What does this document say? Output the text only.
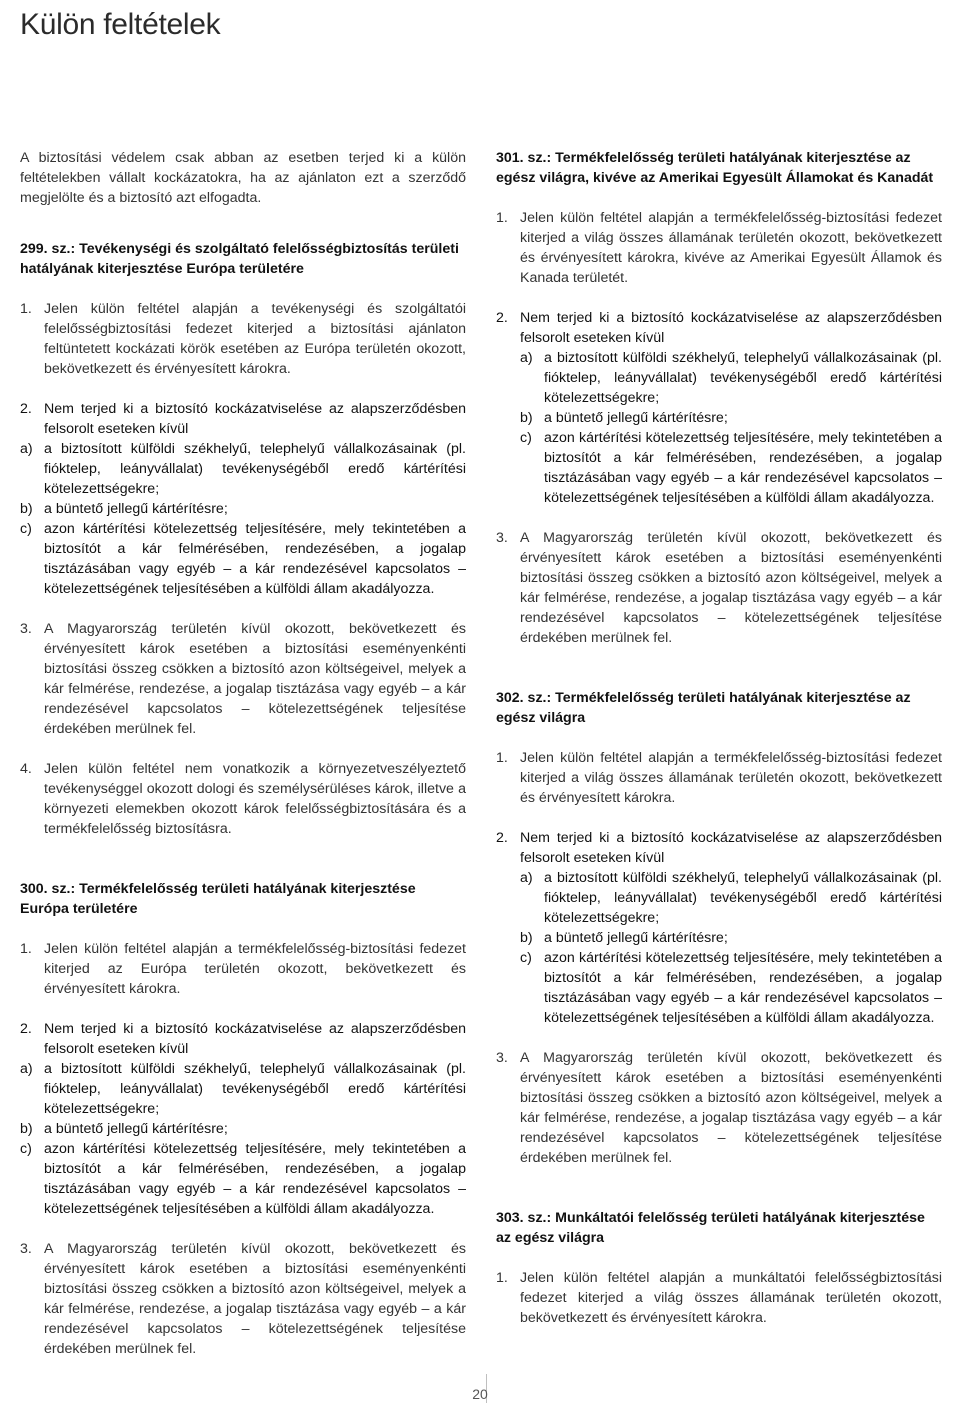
Külön feltételek

A biztosítási védelem csak abban az esetben terjed ki a külön feltételekben vállalt kockázatokra, ha az ajánlaton ezt a szerződő megjelölte és a biztosító azt elfogadta.

299. sz.: Tevékenységi és szolgáltató felelősségbiztosítás területi hatályának kiterjesztése Európa területére

1. Jelen külön feltétel alapján a tevékenységi és szolgáltatói felelősségbiztosítási fedezet kiterjed a biztosítási ajánlaton feltüntetett kockázati körök esetében az Európa területén okozott, bekövetkezett és érvényesített károkra.
2. Nem terjed ki a biztosító kockázatviselése az alapszerződésben felsorolt eseteken kívül
a) a biztosított külföldi székhelyű, telephelyű vállalkozásainak (pl. fióktelep, leányvállalat) tevékenységéből eredő kártérítési kötelezettségekre;
b) a büntető jellegű kártérítésre;
c) azon kártérítési kötelezettség teljesítésére, mely tekintetében a biztosítót a kár felmérésében, rendezésében, a jogalap tisztázásában vagy egyéb – a kár rendezésével kapcsolatos – kötelezettségének teljesítésében a külföldi állam akadályozza.
3. A Magyarország területén kívül okozott, bekövetkezett és érvényesített károk esetében a biztosítási eseményenkénti biztosítási összeg csökken a biztosító azon költségeivel, melyek a kár felmérése, rendezése, a jogalap tisztázása vagy egyéb – a kár rendezésével kapcsolatos – kötelezettségének teljesítése érdekében merülnek fel.
4. Jelen külön feltétel nem vonatkozik a környezetveszélyeztető tevékenységgel okozott dologi és személysérüléses károk, illetve a környezeti elemekben okozott károk felelősségbiztosítására és a termékfelelősség biztosításra.

300. sz.: Termékfelelősség területi hatályának kiterjesztése Európa területére

1. Jelen külön feltétel alapján a termékfelelősség-biztosítási fedezet kiterjed az Európa területén okozott, bekövetkezett és érvényesített károkra.
2. Nem terjed ki a biztosító kockázatviselése az alapszerződésben felsorolt eseteken kívül
a) a biztosított külföldi székhelyű, telephelyű vállalkozásainak (pl. fióktelep, leányvállalat) tevékenységéből eredő kártérítési kötelezettségekre;
b) a büntető jellegű kártérítésre;
c) azon kártérítési kötelezettség teljesítésére, mely tekintetében a biztosítót a kár felmérésében, rendezésében, a jogalap tisztázásában vagy egyéb – a kár rendezésével kapcsolatos – kötelezettségének teljesítésében a külföldi állam akadályozza.
3. A Magyarország területén kívül okozott, bekövetkezett és érvényesített károk esetében a biztosítási eseményenkénti biztosítási összeg csökken a biztosító azon költségeivel, melyek a kár felmérése, rendezése, a jogalap tisztázása vagy egyéb – a kár rendezésével kapcsolatos – kötelezettségének teljesítése érdekében merülnek fel.

301. sz.: Termékfelelősség területi hatályának kiterjesztése az egész világra, kivéve az Amerikai Egyesült Államokat és Kanadát

1. Jelen külön feltétel alapján a termékfelelősség-biztosítási fedezet kiterjed a világ összes államának területén okozott, bekövetkezett és érvényesített károkra, kivéve az Amerikai Egyesült Államok és Kanada területét.
2. Nem terjed ki a biztosító kockázatviselése az alapszerződésben felsorolt eseteken kívül
a) a biztosított külföldi székhelyű, telephelyű vállalkozásainak (pl. fióktelep, leányvállalat) tevékenységéből eredő kártérítési kötelezettségekre;
b) a büntető jellegű kártérítésre;
c) azon kártérítési kötelezettség teljesítésére, mely tekintetében a biztosítót a kár felmérésében, rendezésében, a jogalap tisztázásában vagy egyéb – a kár rendezésével kapcsolatos – kötelezettségének teljesítésében a külföldi állam akadályozza.
3. A Magyarország területén kívül okozott, bekövetkezett és érvényesített károk esetében a biztosítási eseményenkénti biztosítási összeg csökken a biztosító azon költségeivel, melyek a kár felmérése, rendezése, a jogalap tisztázása vagy egyéb – a kár rendezésével kapcsolatos – kötelezettségének teljesítése érdekében merülnek fel.

302. sz.: Termékfelelősség területi hatályának kiterjesztése az egész világra

1. Jelen külön feltétel alapján a termékfelelősség-biztosítási fedezet kiterjed a világ összes államának területén okozott, bekövetkezett és érvényesített károkra.
2. Nem terjed ki a biztosító kockázatviselése az alapszerződésben felsorolt eseteken kívül
a) a biztosított külföldi székhelyű, telephelyű vállalkozásainak (pl. fióktelep, leányvállalat) tevékenységéből eredő kártérítési kötelezettségekre;
b) a büntető jellegű kártérítésre;
c) azon kártérítési kötelezettség teljesítésére, mely tekintetében a biztosítót a kár felmérésében, rendezésében, a jogalap tisztázásában vagy egyéb – a kár rendezésével kapcsolatos – kötelezettségének teljesítésében a külföldi állam akadályozza.
3. A Magyarország területén kívül okozott, bekövetkezett és érvényesített károk esetében a biztosítási eseményenkénti biztosítási összeg csökken a biztosító azon költségeivel, melyek a kár felmérése, rendezése, a jogalap tisztázása vagy egyéb – a kár rendezésével kapcsolatos – kötelezettségének teljesítése érdekében merülnek fel.

303. sz.: Munkáltatói felelősség területi hatályának kiterjesztése az egész világra

1. Jelen külön feltétel alapján a munkáltatói felelősségbiztosítási fedezet kiterjed a világ összes államának területén okozott, bekövetkezett és érvényesített károkra.
20
